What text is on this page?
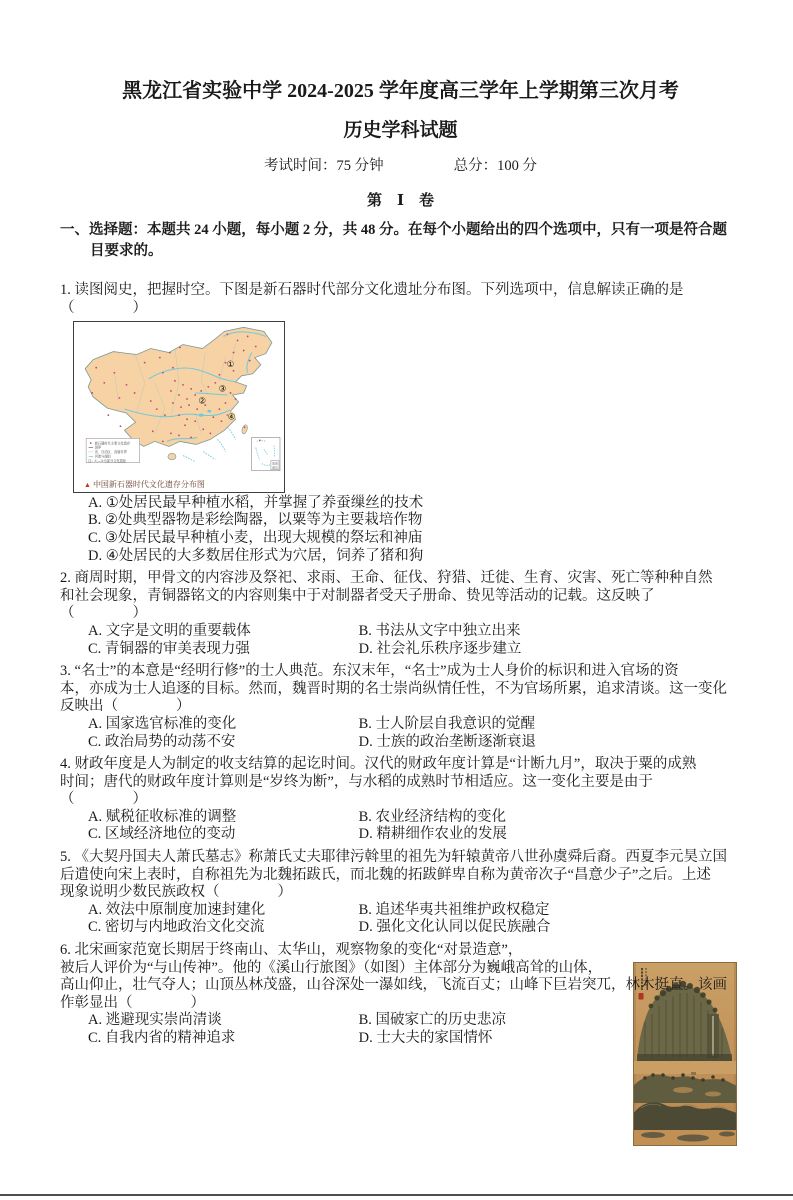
黑龙江省实验中学 2024-2025 学年度高三学年上学期第三次月考
历史学科试题
考试时间：75 分钟	总分：100 分
第　Ⅰ　卷
一、选择题：本题共 24 小题，每小题 2 分，共 48 分。在每个小题给出的四个选项中，只有一项是符合题
目要求的。
1. 读图阅史，把握时空。下图是新石器时代部分文化遗址分布图。下列选项中，信息解读正确的是
（　　　　）
①
②
③
④
新石器时代主要文化遗存
国界
省、自治区、直辖市界
河流与湖泊
注：①—④为部分文化遗址
南海
诸岛
▲ 中国新石器时代文化遗存分布图
A. ①处居民最早种植水稻，并掌握了养蚕缫丝的技术
B. ②处典型器物是彩绘陶器，以粟等为主要栽培作物
C. ③处居民最早种植小麦，出现大规模的祭坛和神庙
D. ④处居民的大多数居住形式为穴居，饲养了猪和狗
2. 商周时期，甲骨文的内容涉及祭祀、求雨、王命、征伐、狩猎、迁徙、生育、灾害、死亡等种种自然
和社会现象，青铜器铭文的内容则集中于对制器者受天子册命、贽见等活动的记载。这反映了
（　　　　）
A. 文字是文明的重要载体	B. 书法从文字中独立出来
C. 青铜器的审美表现力强	D. 社会礼乐秩序逐步建立
3. “名士”的本意是“经明行修”的士人典范。东汉末年，“名士”成为士人身价的标识和进入官场的资
本，亦成为士人追逐的目标。然而，魏晋时期的名士崇尚纵情任性，不为官场所累，追求清谈。这一变化
反映出（　　　　）
A. 国家选官标准的变化	B. 士人阶层自我意识的觉醒
C. 政治局势的动荡不安	D. 士族的政治垄断逐渐衰退
4. 财政年度是人为制定的收支结算的起讫时间。汉代的财政年度计算是“计断九月”，取决于粟的成熟
时间；唐代的财政年度计算则是“岁终为断”，与水稻的成熟时节相适应。这一变化主要是由于
（　　　　）
A. 赋税征收标准的调整	B. 农业经济结构的变化
C. 区域经济地位的变动	D. 精耕细作农业的发展
5. 《大契丹国夫人萧氏墓志》称萧氏丈夫耶律污斡里的祖先为轩辕黄帝八世孙虞舜后裔。西夏李元昊立国
后遣使向宋上表时，自称祖先为北魏拓跋氏，而北魏的拓跋鲜卑自称为黄帝次子“昌意少子”之后。上述
现象说明少数民族政权（　　　　）
A. 效法中原制度加速封建化	B. 追述华夷共祖维护政权稳定
C. 密切与内地政治文化交流	D. 强化文化认同以促民族融合
6. 北宋画家范宽长期居于终南山、太华山，观察物象的变化“对景造意”，
被后人评价为“与山传神”。他的《溪山行旅图》（如图）主体部分为巍峨高耸的山体，
高山仰止，壮气夺人；山顶丛林茂盛，山谷深处一瀑如线，飞流百丈；山峰下巨岩突兀，林木挺直。该画
作彰显出（　　　　）
A. 逃避现实崇尚清谈	B. 国破家亡的历史悲凉
C. 自我内省的精神追求	D. 士大夫的家国情怀
